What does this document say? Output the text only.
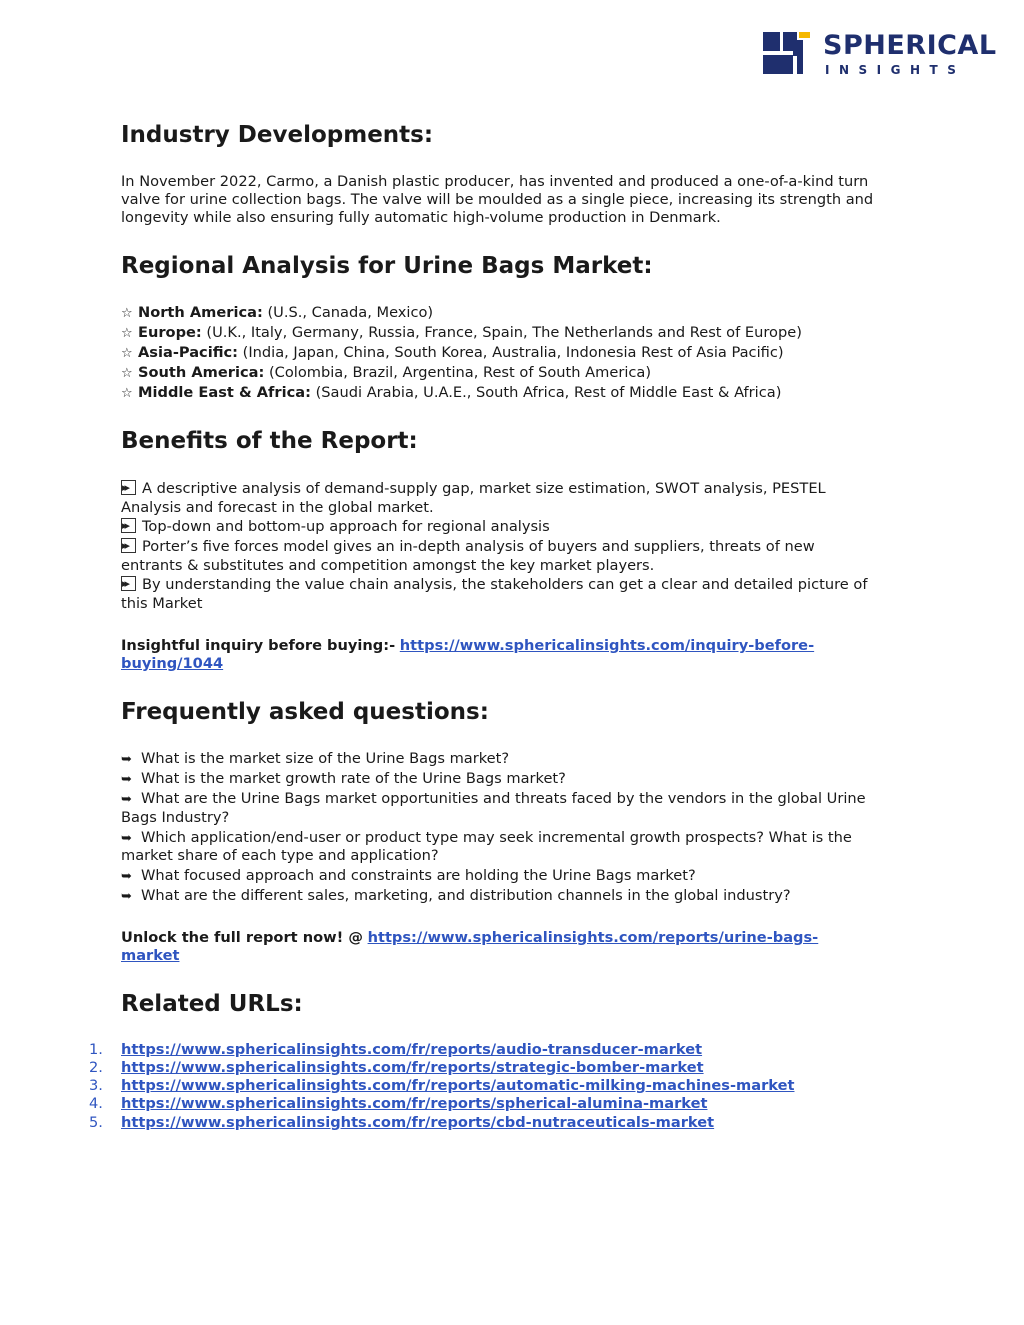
SPHERICAL
INSIGHTS
Industry Developments:
In November 2022, Carmo, a Danish plastic producer, has invented and produced a one-of-a-kind turn
valve for urine collection bags. The valve will be moulded as a single piece, increasing its strength and
longevity while also ensuring fully automatic high-volume production in Denmark.
Regional Analysis for Urine Bags Market:
☆ North America: (U.S., Canada, Mexico)
☆ Europe: (U.K., Italy, Germany, Russia, France, Spain, The Netherlands and Rest of Europe)
☆ Asia-Pacific: (India, Japan, China, South Korea, Australia, Indonesia Rest of Asia Pacific)
☆ South America: (Colombia, Brazil, Argentina, Rest of South America)
☆ Middle East & Africa: (Saudi Arabia, U.A.E., South Africa, Rest of Middle East & Africa)
Benefits of the Report:
▸▸A descriptive analysis of demand-supply gap, market size estimation, SWOT analysis, PESTEL
Analysis and forecast in the global market.
▸▸Top-down and bottom-up approach for regional analysis
▸▸Porter’s five forces model gives an in-depth analysis of buyers and suppliers, threats of new
entrants & substitutes and competition amongst the key market players.
▸▸By understanding the value chain analysis, the stakeholders can get a clear and detailed picture of
this Market
Insightful inquiry before buying:- https://www.sphericalinsights.com/inquiry-before-
buying/1044
Frequently asked questions:
➥ What is the market size of the Urine Bags market?
➥ What is the market growth rate of the Urine Bags market?
➥ What are the Urine Bags market opportunities and threats faced by the vendors in the global Urine
Bags Industry?
➥ Which application/end-user or product type may seek incremental growth prospects? What is the
market share of each type and application?
➥ What focused approach and constraints are holding the Urine Bags market?
➥ What are the different sales, marketing, and distribution channels in the global industry?
Unlock the full report now! @ https://www.sphericalinsights.com/reports/urine-bags-
market
Related URLs:
1. https://www.sphericalinsights.com/fr/reports/audio-transducer-market
2. https://www.sphericalinsights.com/fr/reports/strategic-bomber-market
3. https://www.sphericalinsights.com/fr/reports/automatic-milking-machines-market
4. https://www.sphericalinsights.com/fr/reports/spherical-alumina-market
5. https://www.sphericalinsights.com/fr/reports/cbd-nutraceuticals-market
